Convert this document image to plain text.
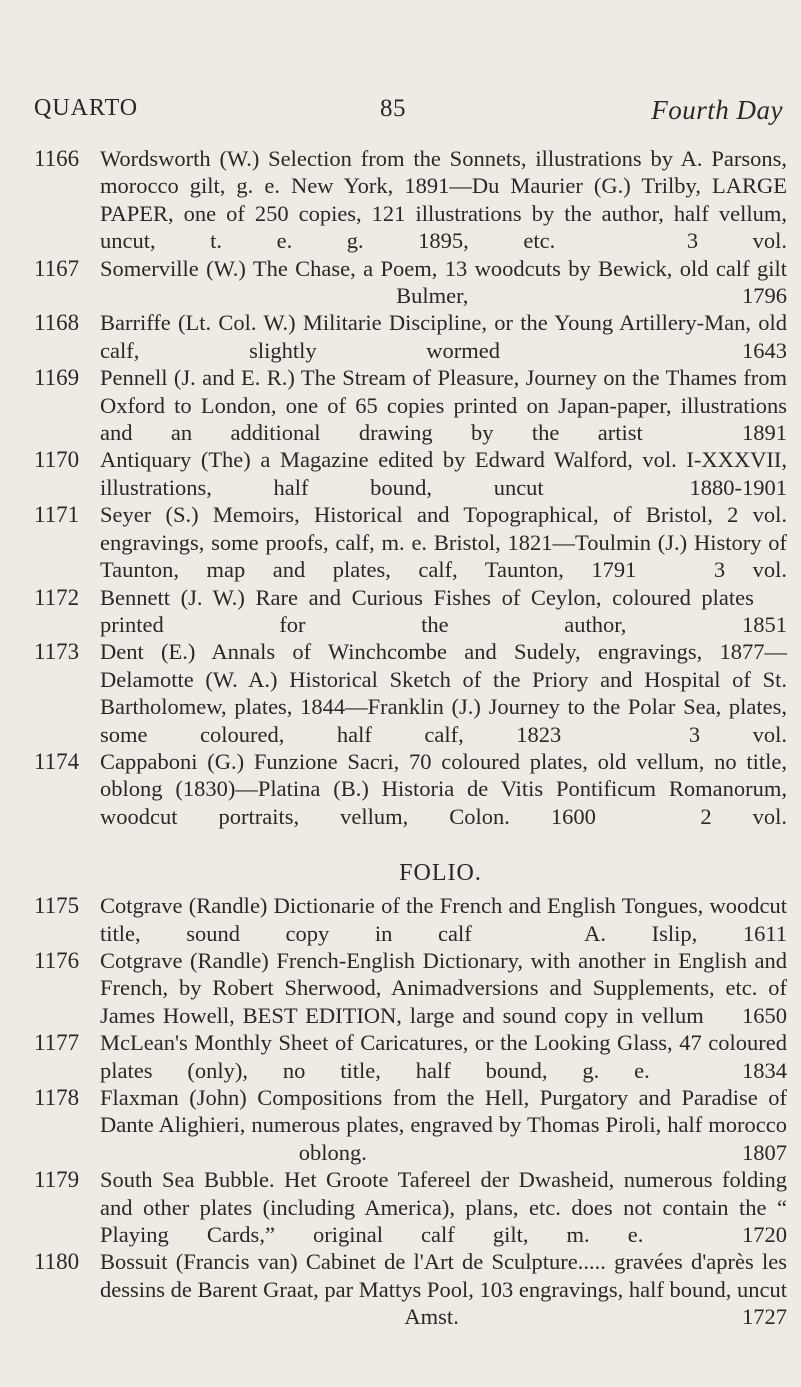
QUARTO	85	Fourth Day
1166 Wordsworth (W.) Selection from the Sonnets, illustrations by A. Parsons, morocco gilt, g. e. New York, 1891—Du Maurier (G.) Trilby, LARGE PAPER, one of 250 copies, 121 illustrations by the author, half vellum, uncut, t. e. g. 1895, etc.   3 vol.
1167 Somerville (W.) The Chase, a Poem, 13 woodcuts by Bewick, old calf gilt   Bulmer, 1796
1168 Barriffe (Lt. Col. W.) Militarie Discipline, or the Young Artillery-Man, old calf, slightly wormed   1643
1169 Pennell (J. and E. R.) The Stream of Pleasure, Journey on the Thames from Oxford to London, one of 65 copies printed on Japan-paper, illustrations and an additional drawing by the artist   1891
1170 Antiquary (The) a Magazine edited by Edward Walford, vol. I-XXXVII, illustrations, half bound, uncut   1880-1901
1171 Seyer (S.) Memoirs, Historical and Topographical, of Bristol, 2 vol. engravings, some proofs, calf, m. e. Bristol, 1821—Toulmin (J.) History of Taunton, map and plates, calf, Taunton, 1791   3 vol.
1172 Bennett (J. W.) Rare and Curious Fishes of Ceylon, coloured plates   printed for the author, 1851
1173 Dent (E.) Annals of Winchcombe and Sudely, engravings, 1877—Delamotte (W. A.) Historical Sketch of the Priory and Hospital of St. Bartholomew, plates, 1844—Franklin (J.) Journey to the Polar Sea, plates, some coloured, half calf, 1823   3 vol.
1174 Cappaboni (G.) Funzione Sacri, 70 coloured plates, old vellum, no title, oblong (1830)—Platina (B.) Historia de Vitis Pontificum Romanorum, woodcut portraits, vellum, Colon. 1600   2 vol.
FOLIO.
1175 Cotgrave (Randle) Dictionarie of the French and English Tongues, woodcut title, sound copy in calf   A. Islip, 1611
1176 Cotgrave (Randle) French-English Dictionary, with another in English and French, by Robert Sherwood, Animadversions and Supplements, etc. of James Howell, BEST EDITION, large and sound copy in vellum   1650
1177 McLean's Monthly Sheet of Caricatures, or the Looking Glass, 47 coloured plates (only), no title, half bound, g. e.   1834
1178 Flaxman (John) Compositions from the Hell, Purgatory and Paradise of Dante Alighieri, numerous plates, engraved by Thomas Piroli, half morocco   oblong.   1807
1179 South Sea Bubble. Het Groote Tafereel der Dwasheid, numerous folding and other plates (including America), plans, etc. does not contain the “ Playing Cards,” original calf gilt, m. e.   1720
1180 Bossuit (Francis van) Cabinet de l'Art de Sculpture..... gravées d'après les dessins de Barent Graat, par Mattys Pool, 103 engravings, half bound, uncut   Amst. 1727
